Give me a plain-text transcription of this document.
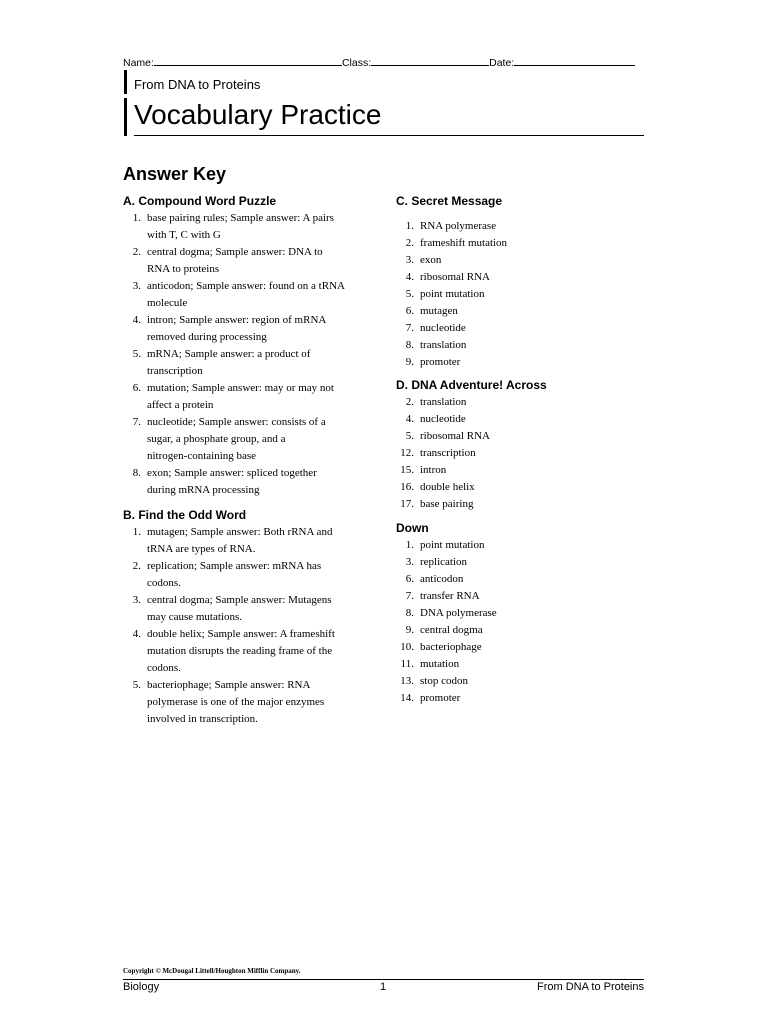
Name:	Class:	Date:
From DNA to Proteins
Vocabulary Practice
Answer Key
A. Compound Word Puzzle
1. base pairing rules; Sample answer: A pairs
with T, C with G
2. central dogma; Sample answer: DNA to
RNA to proteins
3. anticodon; Sample answer: found on a tRNA
molecule
4. intron; Sample answer: region of mRNA
removed during processing
5. mRNA; Sample answer: a product of
transcription
6. mutation; Sample answer: may or may not
affect a protein
7. nucleotide; Sample answer: consists of a
sugar, a phosphate group, and a
nitrogen-containing base
8. exon; Sample answer: spliced together
during mRNA processing
B. Find the Odd Word
1. mutagen; Sample answer: Both rRNA and
tRNA are types of RNA.
2. replication; Sample answer: mRNA has
codons.
3. central dogma; Sample answer: Mutagens
may cause mutations.
4. double helix; Sample answer: A frameshift
mutation disrupts the reading frame of the
codons.
5. bacteriophage; Sample answer: RNA
polymerase is one of the major enzymes
involved in transcription.
C. Secret Message
1. RNA polymerase
2. frameshift mutation
3. exon
4. ribosomal RNA
5. point mutation
6. mutagen
7. nucleotide
8. translation
9. promoter
D. DNA Adventure! Across
2. translation
4. nucleotide
5. ribosomal RNA
12. transcription
15. intron
16. double helix
17. base pairing
Down
1. point mutation
3. replication
6. anticodon
7. transfer RNA
8. DNA polymerase
9. central dogma
10. bacteriophage
11. mutation
13. stop codon
14. promoter
Copyright © McDougal Littell/Houghton Mifflin Company.
Biology	1	From DNA to Proteins
